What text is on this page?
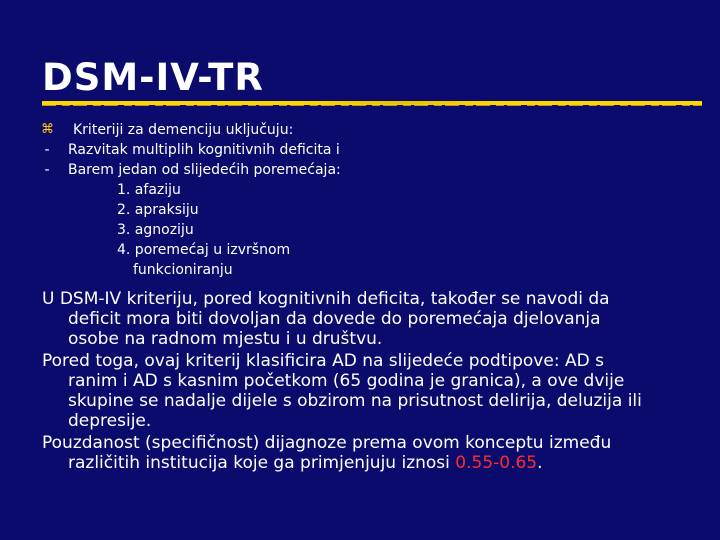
DSM-IV-TR
⌘ Kriteriji za demenciju uključuju:
- Razvitak multiplih kognitivnih deficita i
- Barem jedan od slijedećih poremećaja:
1. afaziju
2. apraksiju
3. agnoziju
4. poremećaj u izvršnom
funkcioniranju
U DSM-IV kriteriju, pored kognitivnih deficita, također se navodi da
deficit mora biti dovoljan da dovede do poremećaja djelovanja
osobe na radnom mjestu i u društvu.
Pored toga, ovaj kriterij klasificira AD na slijedeće podtipove: AD s
ranim i AD s kasnim početkom (65 godina je granica), a ove dvije
skupine se nadalje dijele s obzirom na prisutnost delirija, deluzija ili
depresije.
Pouzdanost (specifičnost) dijagnoze prema ovom konceptu između
različitih institucija koje ga primjenjuju iznosi 0.55-0.65.
